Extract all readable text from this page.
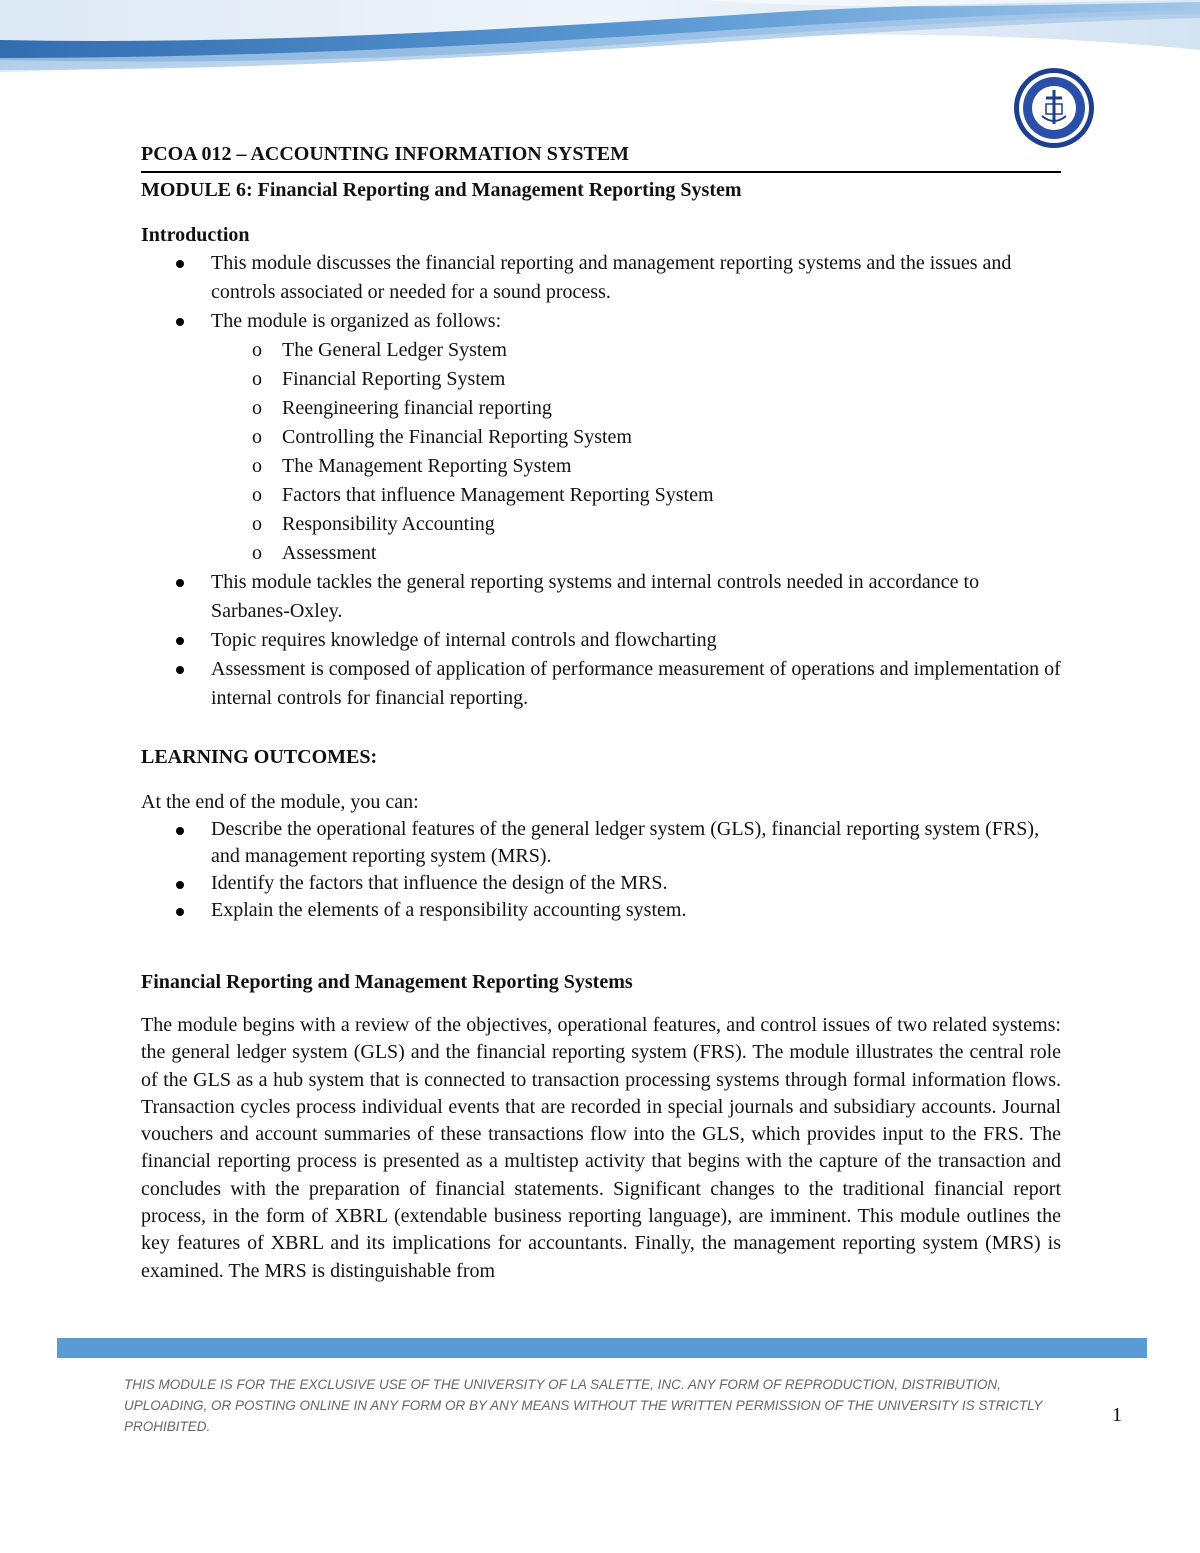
PCOA 012 – ACCOUNTING INFORMATION SYSTEM
MODULE 6: Financial Reporting and Management Reporting System
Introduction
This module discusses the financial reporting and management reporting systems and the issues and controls associated or needed for a sound process.
The module is organized as follows:
o The General Ledger System
o Financial Reporting System
o Reengineering financial reporting
o Controlling the Financial Reporting System
o The Management Reporting System
o Factors that influence Management Reporting System
o Responsibility Accounting
o Assessment
This module tackles the general reporting systems and internal controls needed in accordance to Sarbanes-Oxley.
Topic requires knowledge of internal controls and flowcharting
Assessment is composed of application of performance measurement of operations and implementation of internal controls for financial reporting.
LEARNING OUTCOMES:

At the end of the module, you can:

Describe the operational features of the general ledger system (GLS), financial reporting system (FRS), and management reporting system (MRS).
Identify the factors that influence the design of the MRS.
Explain the elements of a responsibility accounting system.
Financial Reporting and Management Reporting Systems

The module begins with a review of the objectives, operational features, and control issues of two related systems: the general ledger system (GLS) and the financial reporting system (FRS). The module illustrates the central role of the GLS as a hub system that is connected to transaction processing systems through formal information flows. Transaction cycles process individual events that are recorded in special journals and subsidiary accounts. Journal vouchers and account summaries of these transactions flow into the GLS, which provides input to the FRS. The financial reporting process is presented as a multistep activity that begins with the capture of the transaction and concludes with the preparation of financial statements. Significant changes to the traditional financial report process, in the form of XBRL (extendable business reporting language), are imminent. This module outlines the key features of XBRL and its implications for accountants. Finally, the management reporting system (MRS) is examined. The MRS is distinguishable from

THIS MODULE IS FOR THE EXCLUSIVE USE OF THE UNIVERSITY OF LA SALETTE, INC. ANY FORM OF REPRODUCTION, DISTRIBUTION, UPLOADING, OR POSTING ONLINE IN ANY FORM OR BY ANY MEANS WITHOUT THE WRITTEN PERMISSION OF THE UNIVERSITY IS STRICTLY PROHIBITED.
1
